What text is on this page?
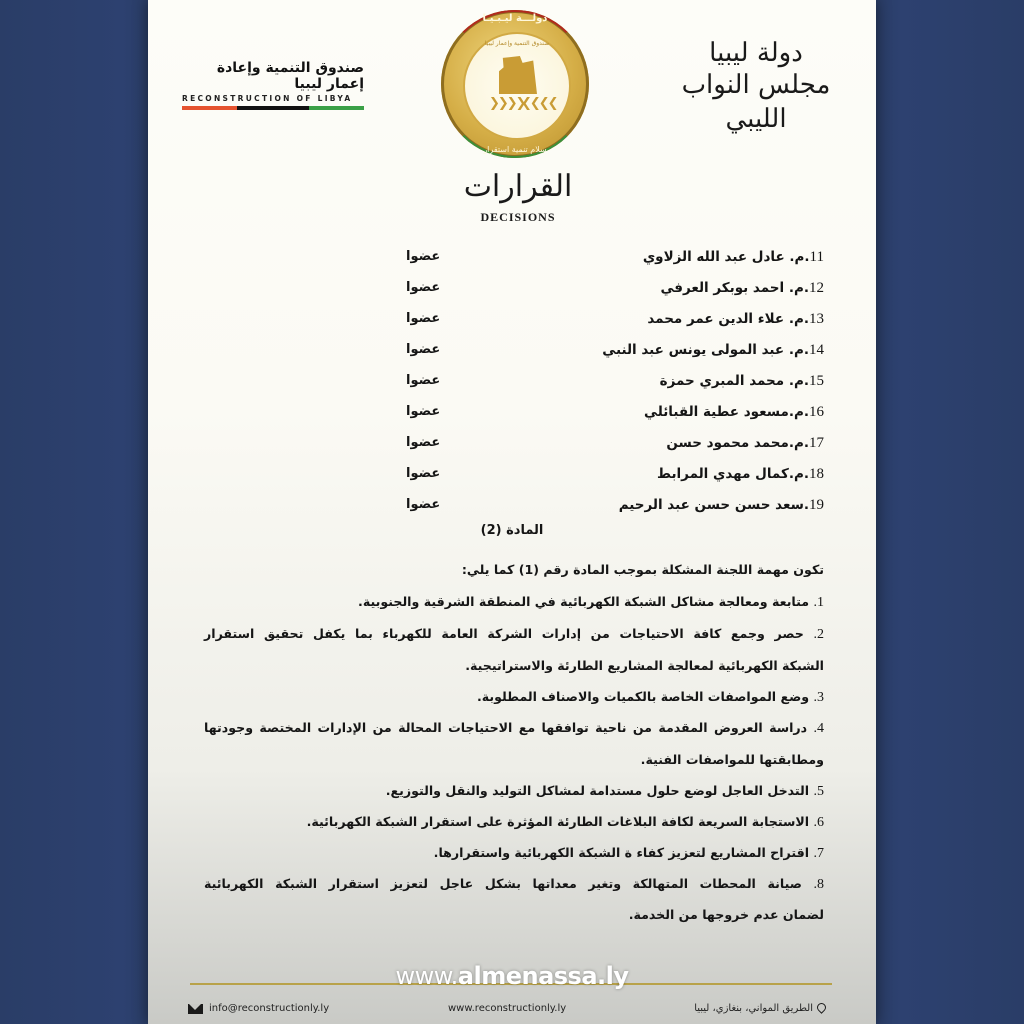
صندوق التنمية وإعادة إعمار ليبيا
RECONSTRUCTION OF LIBYA
دولـــة ليـبـيـا
صندوق التنمية وإعمار ليبيا
❯❯❯❯
❮❮❮❮
سلام تنمية استقرار
دولة ليبيا
مجلس النواب الليبي
القرارات
DECISIONS
11.م. عادل عبد الله الزلاوي
عضوا
12.م. احمد بوبكر العرفي
عضوا
13.م. علاء الدين عمر محمد
عضوا
14.م. عبد المولى يونس عبد النبي
عضوا
15.م. محمد المبري حمزة
عضوا
16.م.مسعود عطية القبائلي
عضوا
17.م.محمد محمود حسن
عضوا
18.م.كمال مهدي المرابط
عضوا
19.سعد حسن حسن عبد الرحيم
عضوا
المادة (2)
تكون مهمة اللجنة المشكلة بموجب المادة رقم (1) كما يلي:
1. متابعة ومعالجة مشاكل الشبكة الكهربائية في المنطقة الشرقية والجنوبية.
2. حصر وجمع كافة الاحتياجات من إدارات الشركة العامة للكهرباء بما يكفل تحقيق استقرار
الشبكة الكهربائية لمعالجة المشاريع الطارئة والاستراتيجية.
3. وضع المواصفات الخاصة بالكميات والاصناف المطلوبة.
4. دراسة العروض المقدمة من ناحية توافقها مع الاحتياجات المحالة من الإدارات المختصة وجودتها
ومطابقتها للمواصفات الفنية.
5. التدخل العاجل لوضع حلول مستدامة لمشاكل التوليد والنقل والتوزيع.
6. الاستجابة السريعة لكافة البلاغات الطارئة المؤثرة على استقرار الشبكة الكهربائية.
7. اقتراح المشاريع لتعزيز كفاء ة الشبكة الكهربائية واستقرارها.
8. صيانة المحطات المتهالكة وتغير معداتها بشكل عاجل لتعزيز استقرار الشبكة الكهربائية
لضمان عدم خروجها من الخدمة.
info@reconstructionly.ly	www.reconstructionly.ly	الطريق المواني، بنغازي، ليبيا
www.almenassa.ly
